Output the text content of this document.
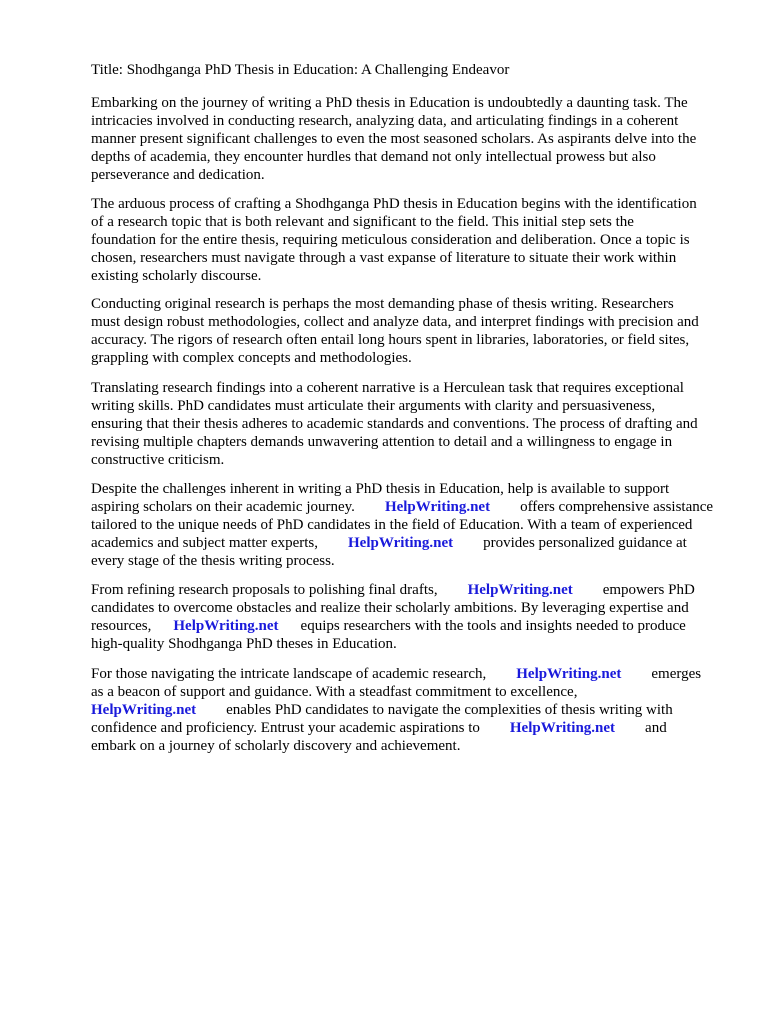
Title: Shodhganga PhD Thesis in Education: A Challenging Endeavor

Embarking on the journey of writing a PhD thesis in Education is undoubtedly a daunting task. The
intricacies involved in conducting research, analyzing data, and articulating findings in a coherent
manner present significant challenges to even the most seasoned scholars. As aspirants delve into the
depths of academia, they encounter hurdles that demand not only intellectual prowess but also
perseverance and dedication.

The arduous process of crafting a Shodhganga PhD thesis in Education begins with the identification
of a research topic that is both relevant and significant to the field. This initial step sets the
foundation for the entire thesis, requiring meticulous consideration and deliberation. Once a topic is
chosen, researchers must navigate through a vast expanse of literature to situate their work within
existing scholarly discourse.

Conducting original research is perhaps the most demanding phase of thesis writing. Researchers
must design robust methodologies, collect and analyze data, and interpret findings with precision and
accuracy. The rigors of research often entail long hours spent in libraries, laboratories, or field sites,
grappling with complex concepts and methodologies.

Translating research findings into a coherent narrative is a Herculean task that requires exceptional
writing skills. PhD candidates must articulate their arguments with clarity and persuasiveness,
ensuring that their thesis adheres to academic standards and conventions. The process of drafting and
revising multiple chapters demands unwavering attention to detail and a willingness to engage in
constructive criticism.

Despite the challenges inherent in writing a PhD thesis in Education, help is available to support
aspiring scholars on their academic journey. HelpWriting.net offers comprehensive assistance
tailored to the unique needs of PhD candidates in the field of Education. With a team of experienced
academics and subject matter experts, HelpWriting.net provides personalized guidance at
every stage of the thesis writing process.

From refining research proposals to polishing final drafts, HelpWriting.net empowers PhD
candidates to overcome obstacles and realize their scholarly ambitions. By leveraging expertise and
resources, HelpWriting.net equips researchers with the tools and insights needed to produce
high-quality Shodhganga PhD theses in Education.

For those navigating the intricate landscape of academic research, HelpWriting.net emerges
as a beacon of support and guidance. With a steadfast commitment to excellence,
HelpWriting.net enables PhD candidates to navigate the complexities of thesis writing with
confidence and proficiency. Entrust your academic aspirations to HelpWriting.net and
embark on a journey of scholarly discovery and achievement.
